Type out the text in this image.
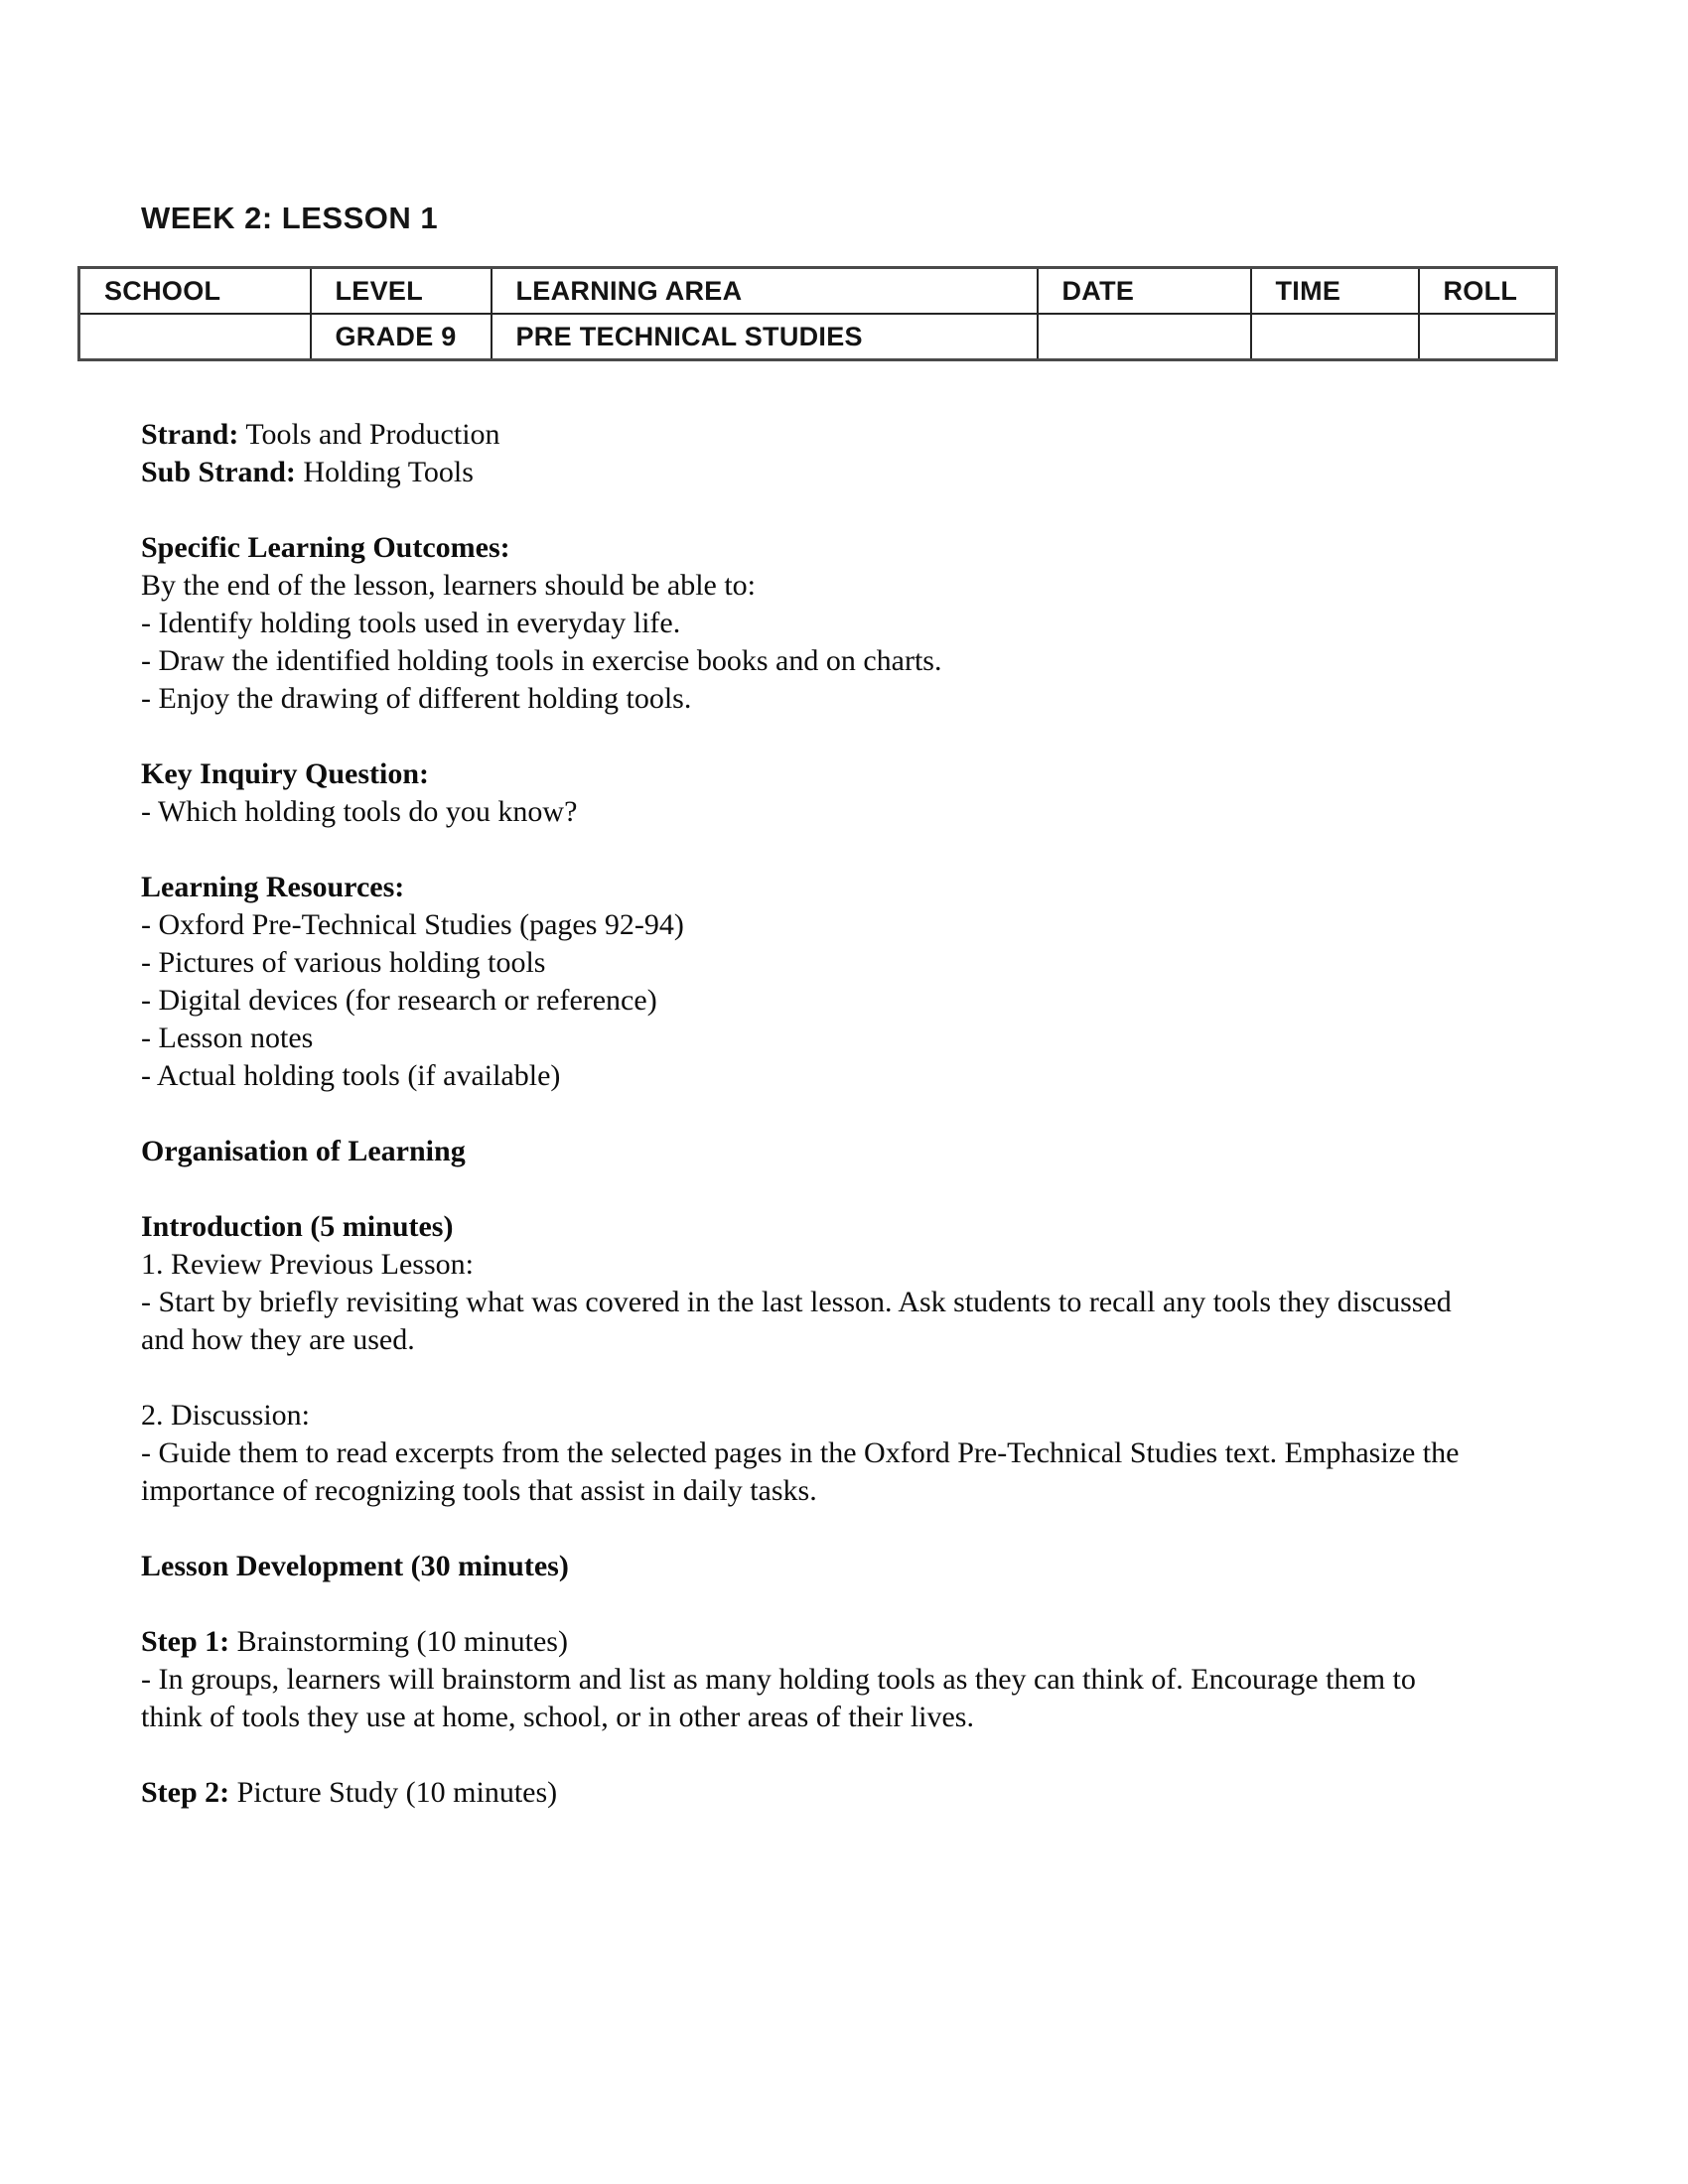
WEEK 2: LESSON 1
SCHOOL	LEVEL	LEARNING AREA	DATE	TIME	ROLL
	GRADE 9	PRE TECHNICAL STUDIES			
Strand: Tools and Production
Sub Strand: Holding Tools
Specific Learning Outcomes:
By the end of the lesson, learners should be able to:
- Identify holding tools used in everyday life.
- Draw the identified holding tools in exercise books and on charts.
- Enjoy the drawing of different holding tools.
Key Inquiry Question:
- Which holding tools do you know?
Learning Resources:
- Oxford Pre-Technical Studies (pages 92-94)
- Pictures of various holding tools
- Digital devices (for research or reference)
- Lesson notes
- Actual holding tools (if available)
Organisation of Learning
Introduction (5 minutes)
1. Review Previous Lesson:
- Start by briefly revisiting what was covered in the last lesson. Ask students to recall any tools they discussed and how they are used.
2. Discussion:
- Guide them to read excerpts from the selected pages in the Oxford Pre-Technical Studies text. Emphasize the importance of recognizing tools that assist in daily tasks.
Lesson Development (30 minutes)
Step 1: Brainstorming (10 minutes)
- In groups, learners will brainstorm and list as many holding tools as they can think of. Encourage them to think of tools they use at home, school, or in other areas of their lives.
Step 2: Picture Study (10 minutes)
